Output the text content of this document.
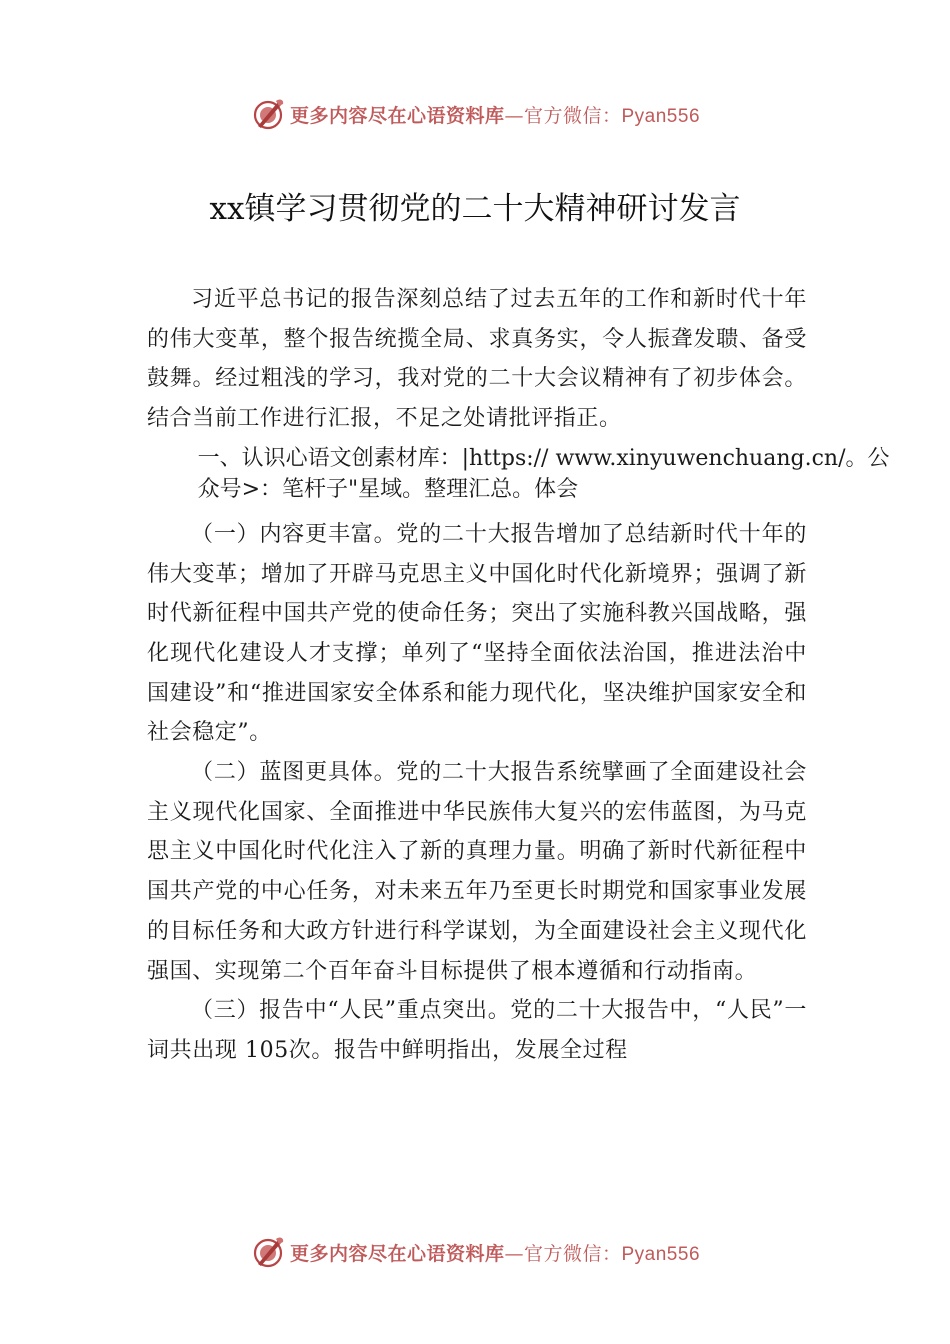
更多内容尽在心语资料库—官方微信：Pyan556
xx镇学习贯彻党的二十大精神研讨发言

习近平总书记的报告深刻总结了过去五年的工作和新时代十年的伟大变革，整个报告统揽全局、求真务实，令人振聋发聩、备受鼓舞。经过粗浅的学习，我对党的二十大会议精神有了初步体会。结合当前工作进行汇报，不足之处请批评指正。

一、认识心语文创素材库：|https:// www.xinyuwenchuang.cn/。公众号>：笔杆子"星域。整理汇总。体会

（一）内容更丰富。党的二十大报告增加了总结新时代十年的伟大变革；增加了开辟马克思主义中国化时代化新境界；强调了新时代新征程中国共产党的使命任务；突出了实施科教兴国战略，强化现代化建设人才支撑；单列了“坚持全面依法治国，推进法治中国建设”和“推进国家安全体系和能力现代化，坚决维护国家安全和社会稳定”。

（二）蓝图更具体。党的二十大报告系统擘画了全面建设社会主义现代化国家、全面推进中华民族伟大复兴的宏伟蓝图，为马克思主义中国化时代化注入了新的真理力量。明确了新时代新征程中国共产党的中心任务，对未来五年乃至更长时期党和国家事业发展的目标任务和大政方针进行科学谋划，为全面建设社会主义现代化强国、实现第二个百年奋斗目标提供了根本遵循和行动指南。

（三）报告中“人民”重点突出。党的二十大报告中，“人民”一词共出现 105次。报告中鲜明指出，发展全过程

更多内容尽在心语资料库—官方微信：Pyan556
